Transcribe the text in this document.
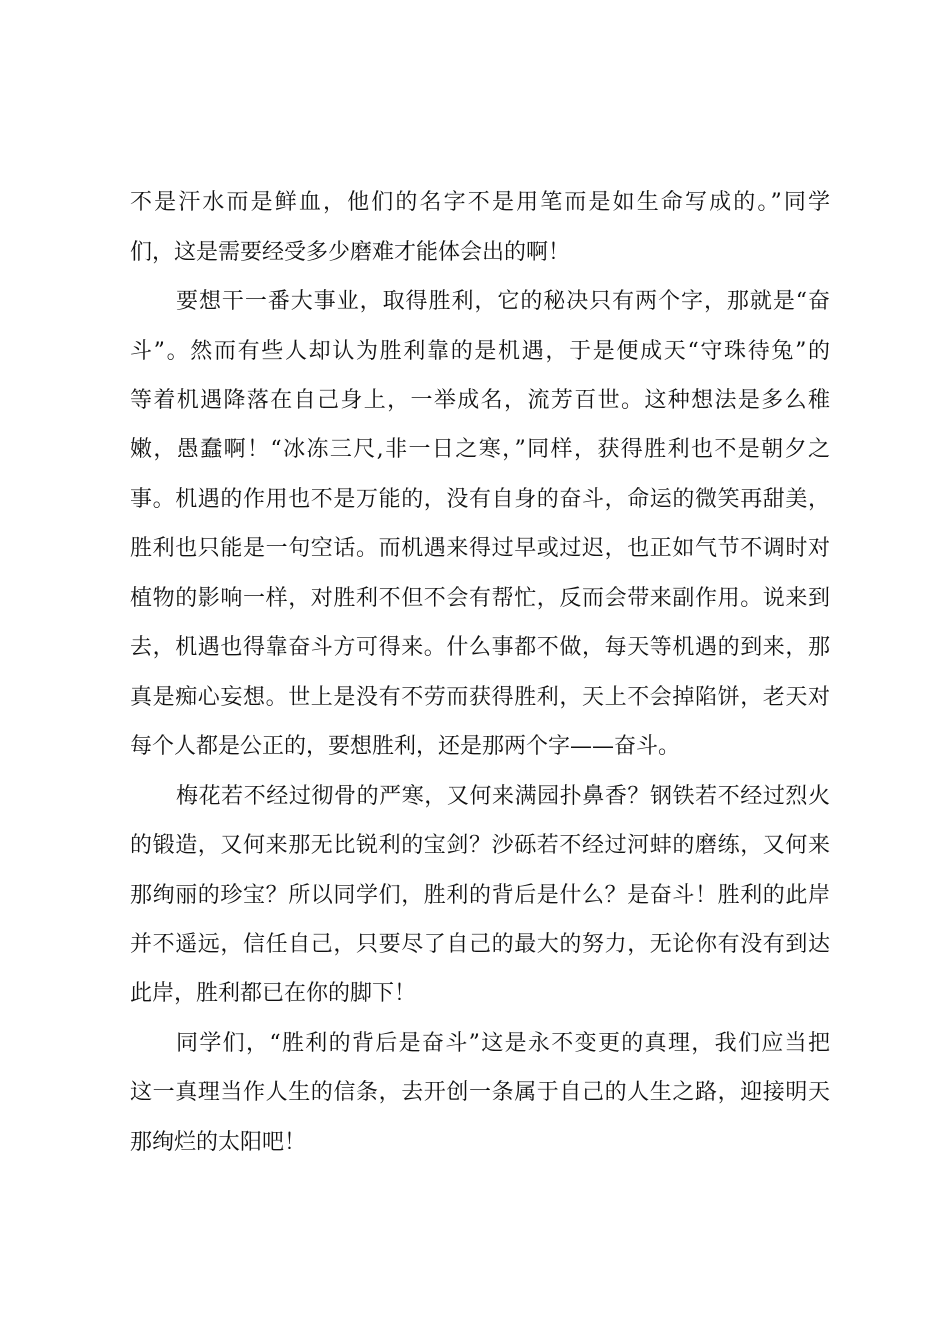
不是汗水而是鲜血，他们的名字不是用笔而是如生命写成的。”同学
们，这是需要经受多少磨难才能体会出的啊！
要想干一番大事业，取得胜利，它的秘决只有两个字，那就是“奋
斗”。然而有些人却认为胜利靠的是机遇，于是便成天“守珠待兔”的
等着机遇降落在自己身上，一举成名，流芳百世。这种想法是多么稚
嫩，愚蠢啊！“冰冻三尺,非一日之寒，”同样，获得胜利也不是朝夕之
事。机遇的作用也不是万能的，没有自身的奋斗，命运的微笑再甜美，
胜利也只能是一句空话。而机遇来得过早或过迟，也正如气节不调时对
植物的影响一样，对胜利不但不会有帮忙，反而会带来副作用。说来到
去，机遇也得靠奋斗方可得来。什么事都不做，每天等机遇的到来，那
真是痴心妄想。世上是没有不劳而获得胜利，天上不会掉陷饼，老天对
每个人都是公正的，要想胜利，还是那两个字——奋斗。
梅花若不经过彻骨的严寒，又何来满园扑鼻香？钢铁若不经过烈火
的锻造，又何来那无比锐利的宝剑？沙砾若不经过河蚌的磨练，又何来
那绚丽的珍宝？所以同学们，胜利的背后是什么？是奋斗！胜利的此岸
并不遥远，信任自己，只要尽了自己的最大的努力，无论你有没有到达
此岸，胜利都已在你的脚下！
同学们，“胜利的背后是奋斗”这是永不变更的真理，我们应当把
这一真理当作人生的信条，去开创一条属于自己的人生之路，迎接明天
那绚烂的太阳吧！
